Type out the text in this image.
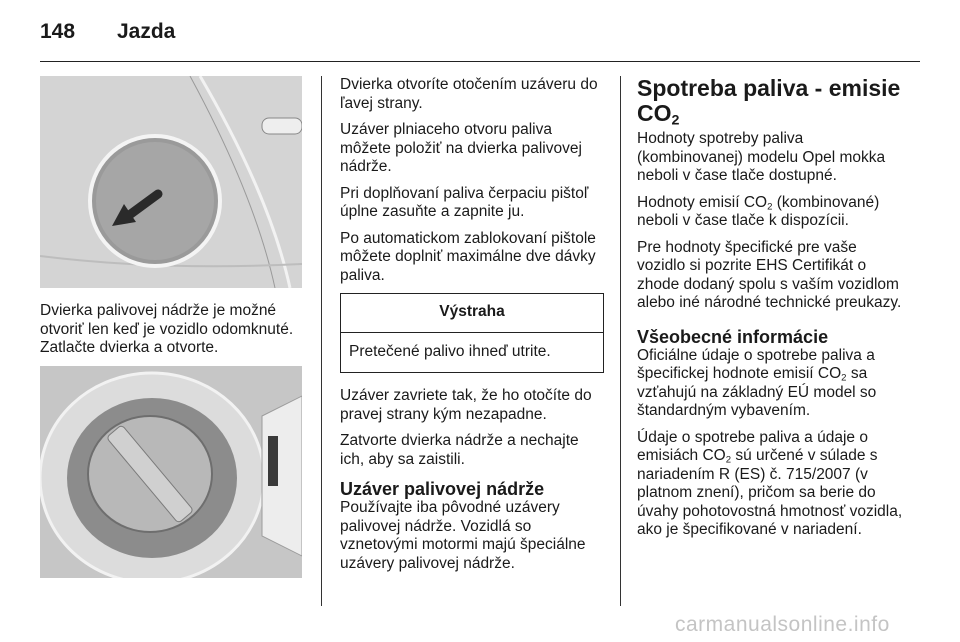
148 Jazda

Dvierka palivovej nádrže je možné otvoriť len keď je vozidlo odomknuté. Zatlačte dvierka a otvorte.

Dvierka otvoríte otočením uzáveru do ľavej strany.

Uzáver plniaceho otvoru paliva môžete položiť na dvierka palivovej nádrže.

Pri doplňovaní paliva čerpaciu pištoľ úplne zasuňte a zapnite ju.

Po automatickom zablokovaní pištole môžete doplniť maximálne dve dávky paliva.

Výstraha
Pretečené palivo ihneď utrite.

Uzáver zavriete tak, že ho otočíte do pravej strany kým nezapadne.

Zatvorte dvierka nádrže a nechajte ich, aby sa zaistili.

Uzáver palivovej nádrže

Používajte iba pôvodné uzávery palivovej nádrže. Vozidlá so vznetovými motormi majú špeciálne uzávery palivovej nádrže.

Spotreba paliva - emisie $CO_2$

Hodnoty spotreby paliva (kombinovanej) modelu Opel mokka neboli v čase tlače dostupné.

Hodnoty emisií $CO_2$ (kombinované) neboli v čase tlače k dispozícii.

Pre hodnoty špecifické pre vaše vozidlo si pozrite EHS Certifikát o zhode dodaný spolu s vaším vozidlom alebo iné národné technické preukazy.

Všeobecné informácie

Oficiálne údaje o spotrebe paliva a špecifickej hodnote emisií $CO_2$ sa vzťahujú na základný EÚ model so štandardným vybavením.

Údaje o spotrebe paliva a údaje o emisiách $CO_2$ sú určené v súlade s nariadením R (ES) č. 715/2007 (v platnom znení), pričom sa berie do úvahy pohotovostná hmotnosť vozidla, ako je špecifikované v nariadení.

carmanualsonline.info
